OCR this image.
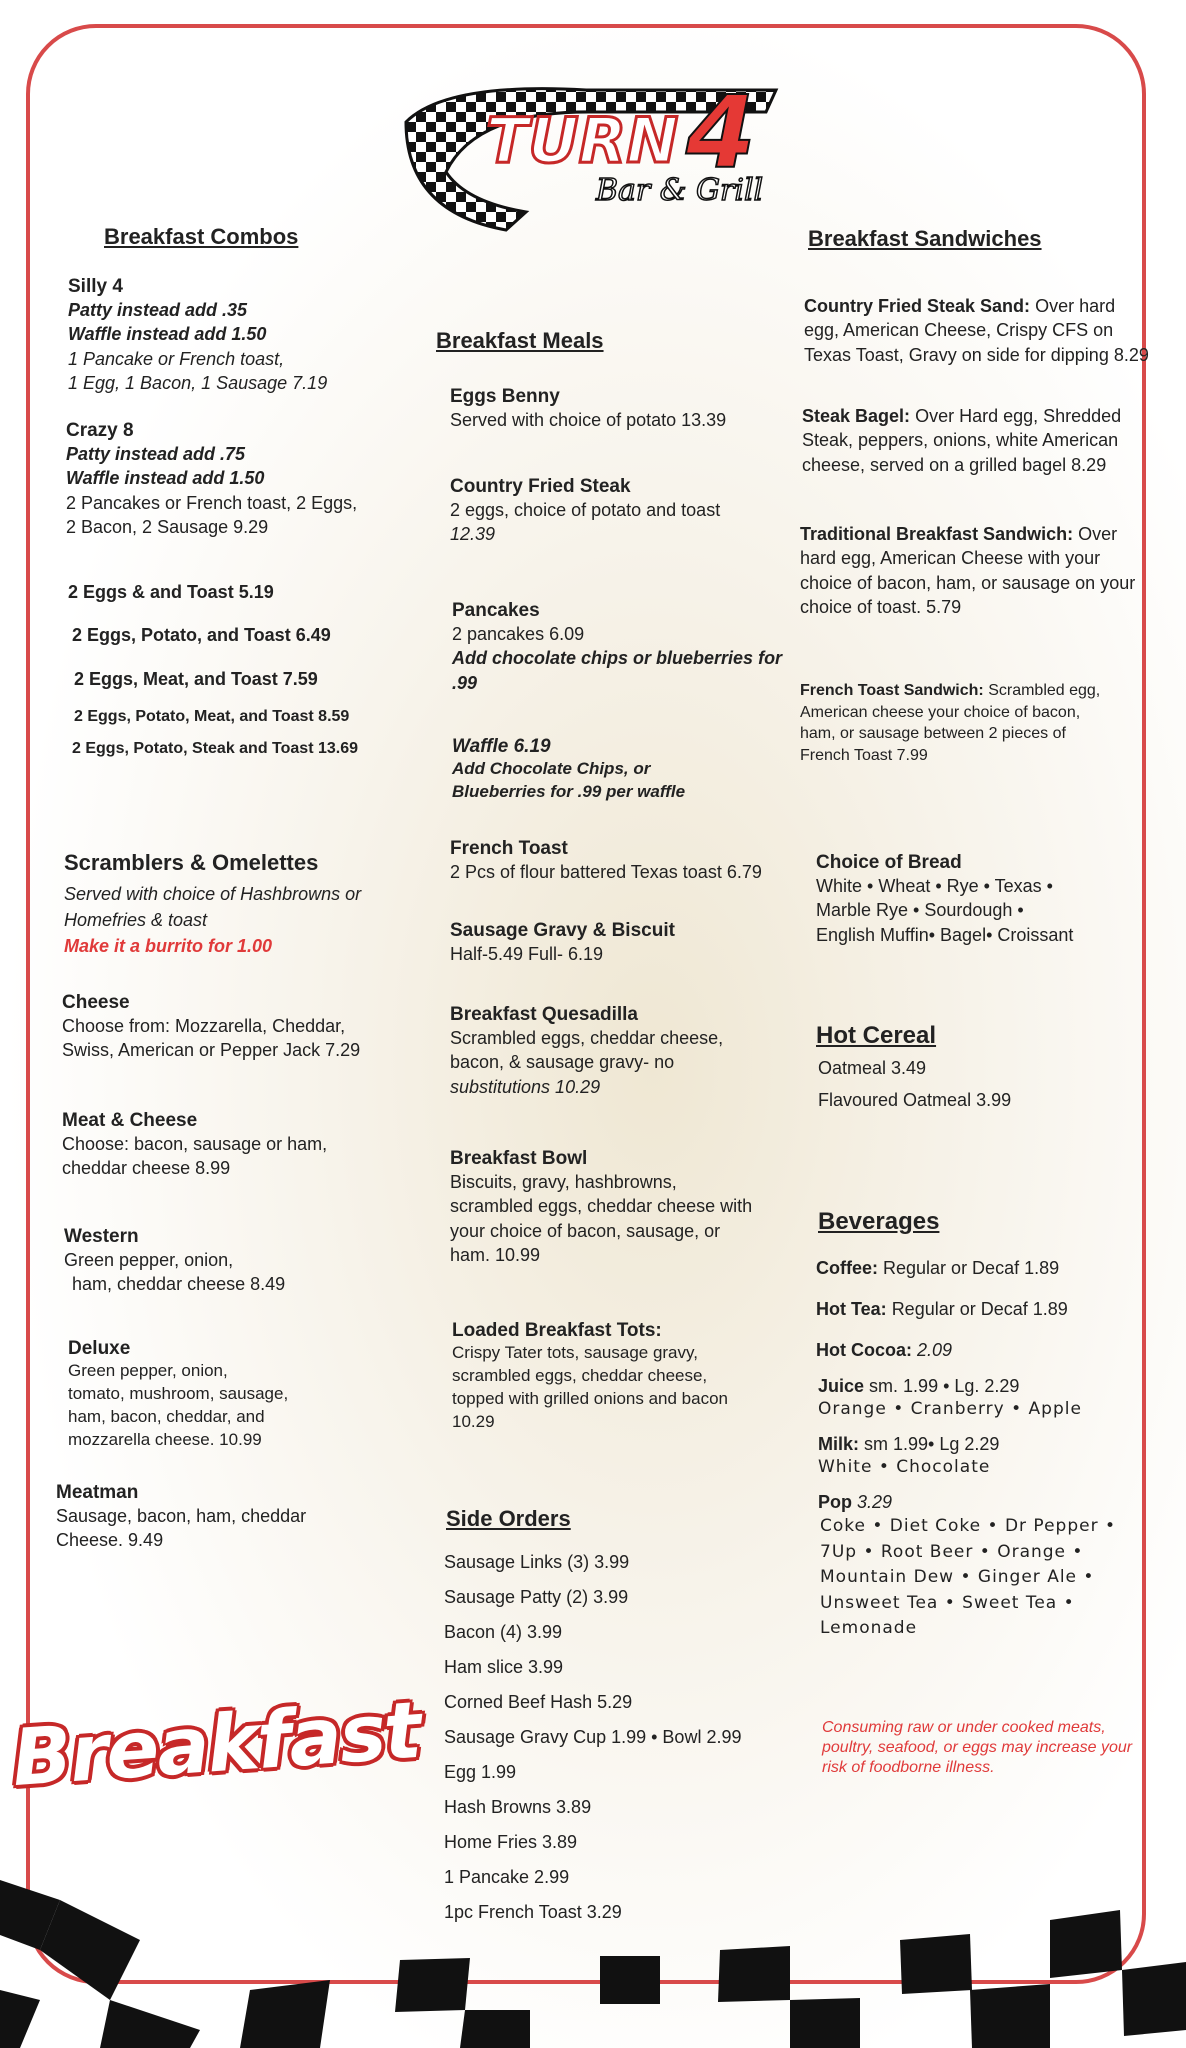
TURN 4
Bar & Grill
Breakfast Combos
Silly 4
Patty instead add .35
Waffle instead add 1.50
1 Pancake or French toast,
1 Egg, 1 Bacon, 1 Sausage 7.19
Crazy 8
Patty instead add .75
Waffle instead add 1.50
2 Pancakes or French toast, 2 Eggs,
2 Bacon, 2 Sausage 9.29
2 Eggs & and Toast 5.19
2 Eggs, Potato, and Toast 6.49
2 Eggs, Meat, and Toast 7.59
2 Eggs, Potato, Meat, and Toast 8.59
2 Eggs, Potato, Steak and Toast 13.69
Scramblers & Omelettes
Served with choice of Hashbrowns or
Homefries & toast
Make it a burrito for 1.00
Cheese
Choose from: Mozzarella, Cheddar,
Swiss, American or Pepper Jack 7.29
Meat & Cheese
Choose: bacon, sausage or ham,
cheddar cheese 8.99
Western
Green pepper, onion,
ham, cheddar cheese 8.49
Deluxe
Green pepper, onion,
tomato, mushroom, sausage,
ham, bacon, cheddar, and
mozzarella cheese. 10.99
Meatman
Sausage, bacon, ham, cheddar
Cheese. 9.49
Breakfast Meals
Eggs Benny
Served with choice of potato 13.39
Country Fried Steak
2 eggs, choice of potato and toast
12.39
Pancakes
2 pancakes 6.09
Add chocolate chips or blueberries for
.99
Waffle 6.19
Add Chocolate Chips, or
Blueberries for .99 per waffle
French Toast
2 Pcs of flour battered Texas toast 6.79
Sausage Gravy & Biscuit
Half-5.49 Full- 6.19
Breakfast Quesadilla
Scrambled eggs, cheddar cheese,
bacon, & sausage gravy- no
substitutions 10.29
Breakfast Bowl
Biscuits, gravy, hashbrowns,
scrambled eggs, cheddar cheese with
your choice of bacon, sausage, or
ham. 10.99
Loaded Breakfast Tots:
Crispy Tater tots, sausage gravy,
scrambled eggs, cheddar cheese,
topped with grilled onions and bacon
10.29
Side Orders
Sausage Links (3) 3.99
Sausage Patty (2) 3.99
Bacon (4) 3.99
Ham slice 3.99
Corned Beef Hash 5.29
Sausage Gravy Cup 1.99 • Bowl 2.99
Egg 1.99
Hash Browns 3.89
Home Fries 3.89
1 Pancake 2.99
1pc French Toast 3.29
Breakfast Sandwiches
Country Fried Steak Sand: Over hard
egg, American Cheese, Crispy CFS on
Texas Toast, Gravy on side for dipping 8.29
Steak Bagel: Over Hard egg, Shredded
Steak, peppers, onions, white American
cheese, served on a grilled bagel 8.29
Traditional Breakfast Sandwich: Over
hard egg, American Cheese with your
choice of bacon, ham, or sausage on your
choice of toast. 5.79
French Toast Sandwich: Scrambled egg,
American cheese your choice of bacon,
ham, or sausage between 2 pieces of
French Toast 7.99
Choice of Bread
White • Wheat • Rye • Texas •
Marble Rye • Sourdough •
English Muffin• Bagel• Croissant
Hot Cereal
Oatmeal 3.49
Flavoured Oatmeal 3.99
Beverages
Coffee: Regular or Decaf 1.89
Hot Tea: Regular or Decaf 1.89
Hot Cocoa: 2.09
Juice sm. 1.99 • Lg. 2.29
Orange • Cranberry • Apple
Milk: sm 1.99• Lg 2.29
White • Chocolate
Pop 3.29
Coke • Diet Coke • Dr Pepper •
7Up • Root Beer • Orange •
Mountain Dew • Ginger Ale •
Unsweet Tea • Sweet Tea •
Lemonade
Consuming raw or under cooked meats, poultry, seafood, or eggs may increase your risk of foodborne illness.
Breakfast
